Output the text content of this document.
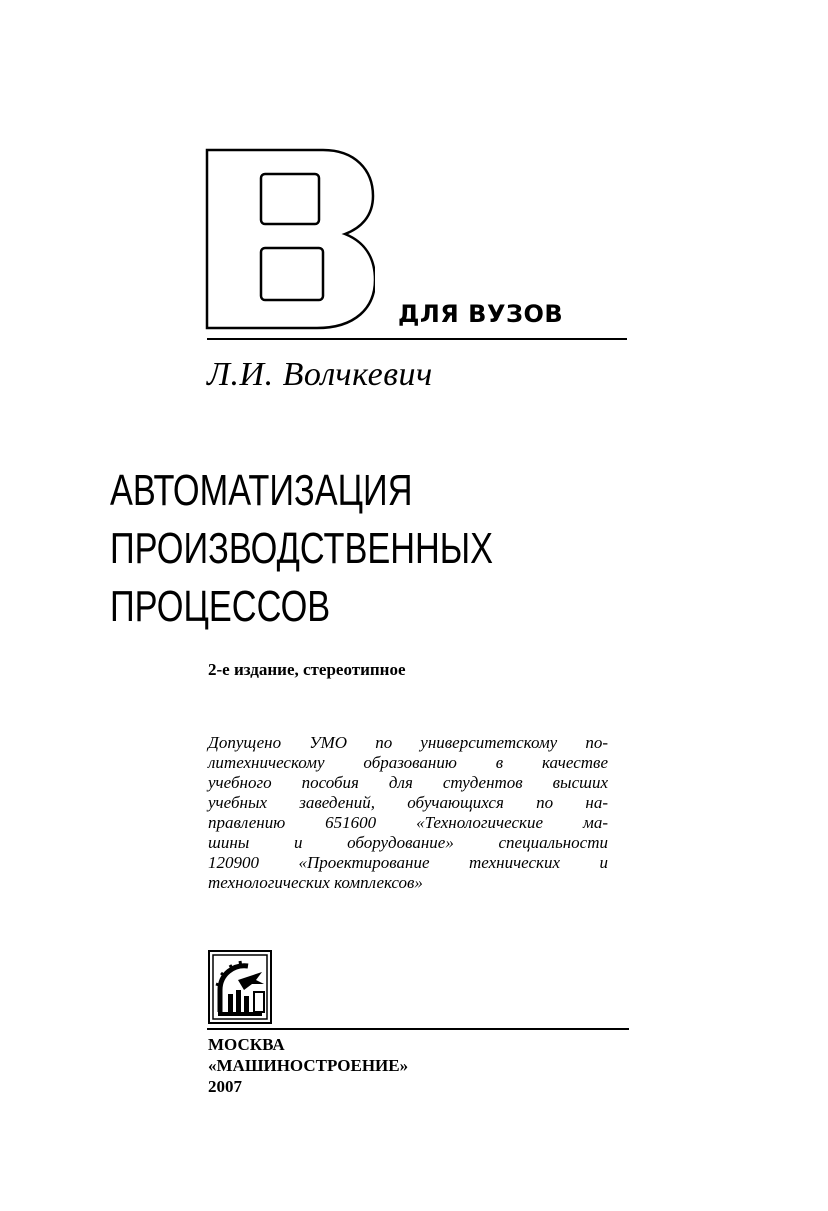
ДЛЯ ВУЗОВ
Л.И. Волчкевич
АВТОМАТИЗАЦИЯ
ПРОИЗВОДСТВЕННЫХ
ПРОЦЕССОВ
2-е издание, стереотипное
Допущено УМО по университетскому по-
литехническому образованию в качестве
учебного пособия для студентов высших
учебных заведений, обучающихся по на-
правлению 651600 «Технологические ма-
шины и оборудование» специальности
120900 «Проектирование технических и
технологических комплексов»
МОСКВА
«МАШИНОСТРОЕНИЕ»
2007
